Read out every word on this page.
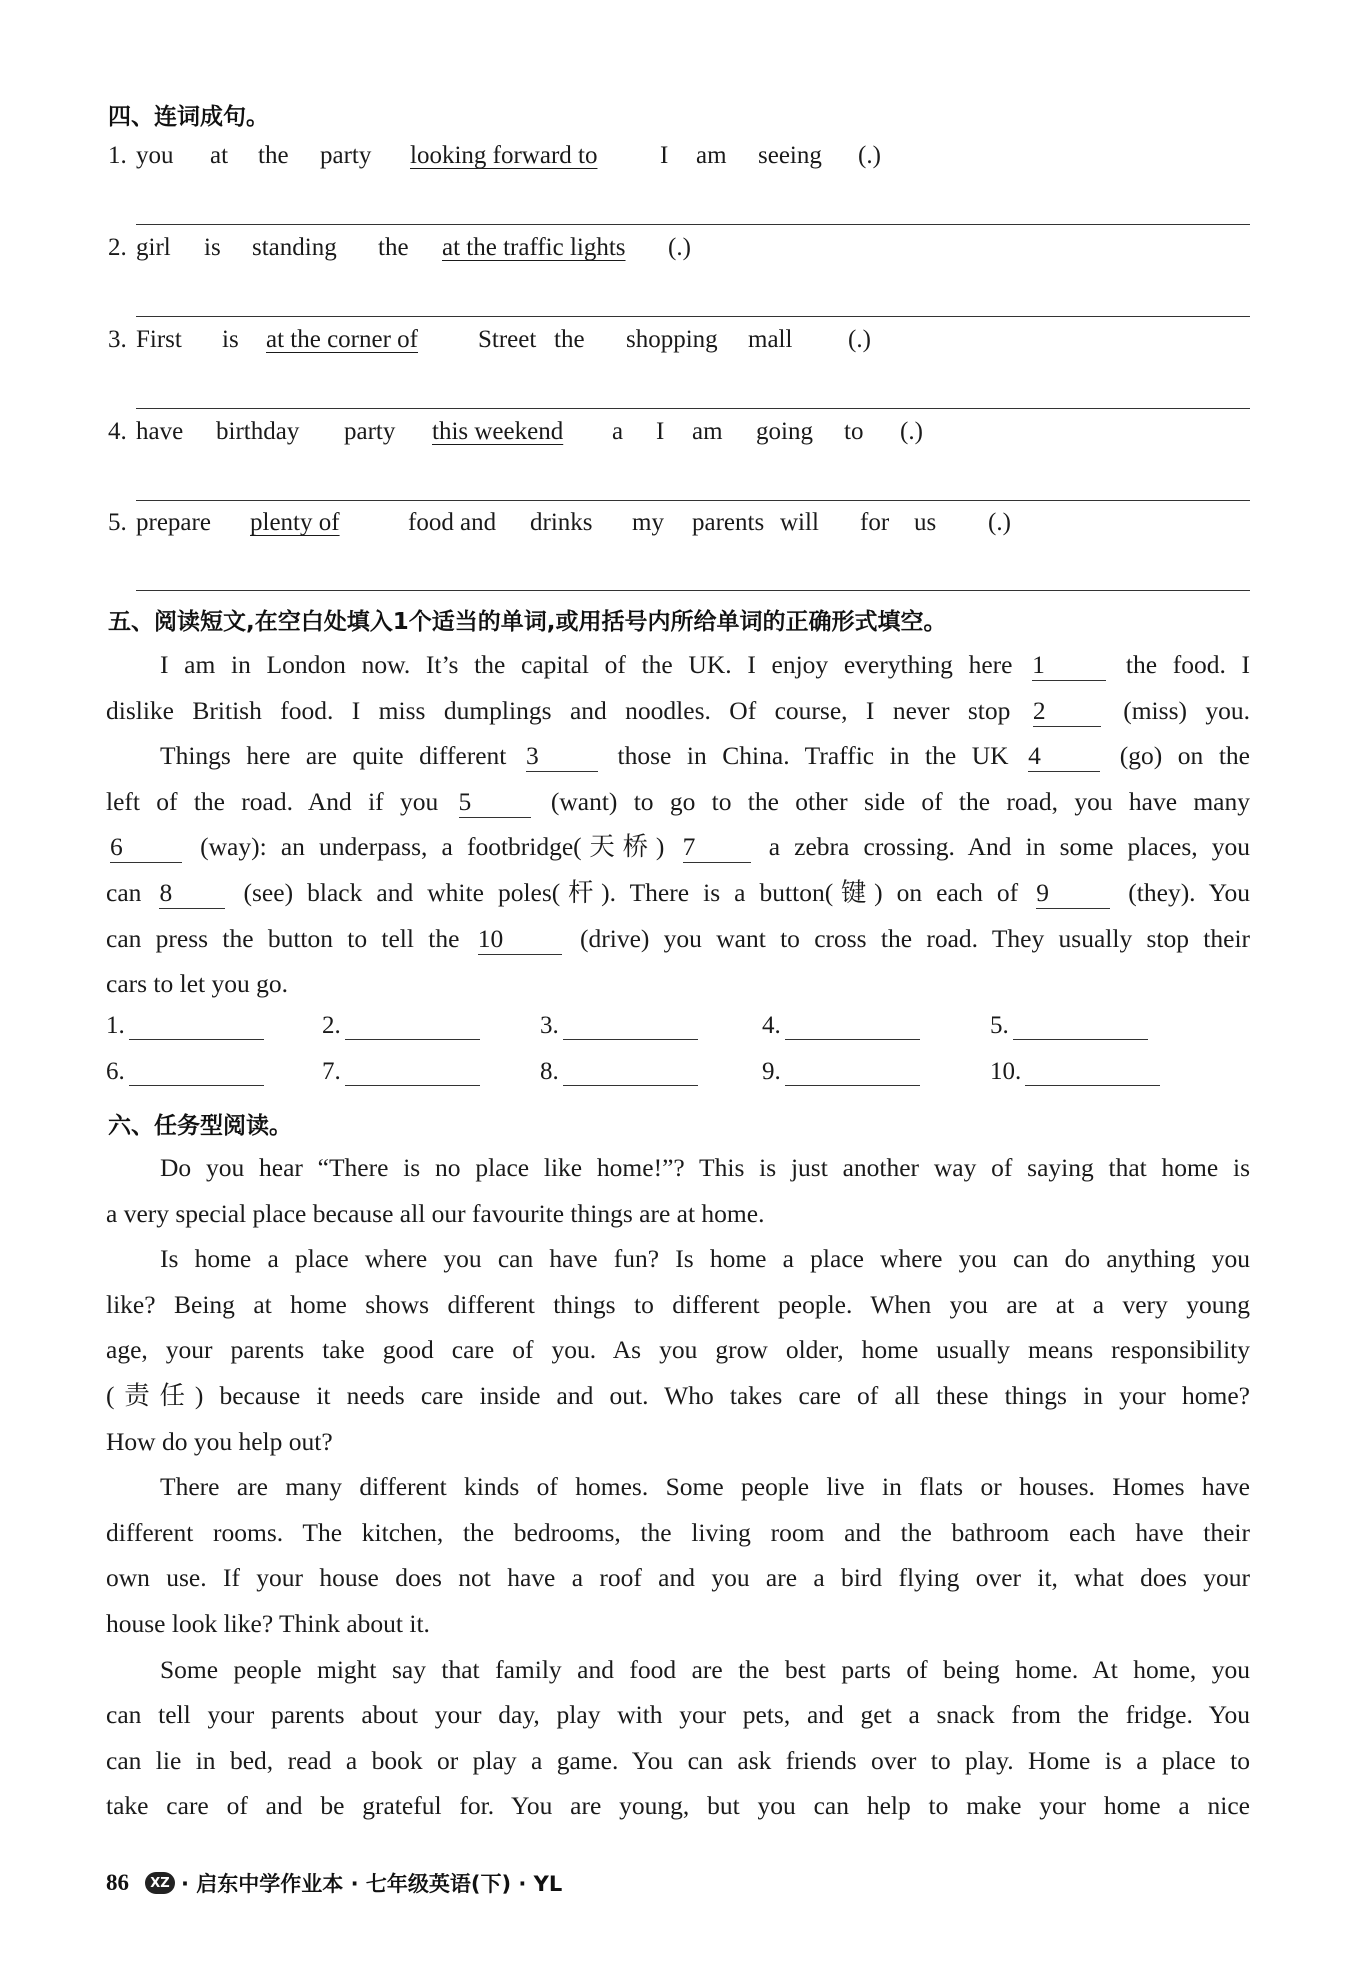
四、连词成句。
1. you at the party looking forward to	I am seeing (.)
2. girl is standing the at the traffic lights (.)
3. First is at the corner of Street the shopping mall (.)
4. have birthday party this weekend a I am going to (.)
5. prepare plenty of	food and drinks my parents will for us (.)
五、阅读短文,在空白处填入1个适当的单词,或用括号内所给单词的正确形式填空。
I am in London now. It’s the capital of the UK. I enjoy everything here 1	the food. I
dislike British food. I miss dumplings and noodles. Of course, I never stop 2	(miss) you.
Things here are quite different 3	those in China. Traffic in the UK 4	(go) on the
left of the road. And if you 5	(want) to go to the other side of the road, you have many
6	(way): an underpass, a footbridge(天桥) 7	a zebra crossing. And in some places, you
can 8	(see) black and white poles(杆). There is a button(键) on each of 9	(they). You
can press the button to tell the 10	(drive) you want to cross the road. They usually stop their
cars to let you go.
1.	2.	3.	4.	5.
6.	7.	8.	9.	10.
六、任务型阅读。
Do you hear “There is no place like home!”? This is just another way of saying that home is
a very special place because all our favourite things are at home.
Is home a place where you can have fun? Is home a place where you can do anything you
like? Being at home shows different things to different people. When you are at a very young
age, your parents take good care of you. As you grow older, home usually means responsibility
(责任) because it needs care inside and out. Who takes care of all these things in your home?
How do you help out?
There are many different kinds of homes. Some people live in flats or houses. Homes have
different rooms. The kitchen, the bedrooms, the living room and the bathroom each have their
own use. If your house does not have a roof and you are a bird flying over it, what does your
house look like? Think about it.
Some people might say that family and food are the best parts of being home. At home, you
can tell your parents about your day, play with your pets, and get a snack from the fridge. You
can lie in bed, read a book or play a game. You can ask friends over to play. Home is a place to
take care of and be grateful for. You are young, but you can help to make your home a nice
86	XZ · 启东中学作业本 · 七年级英语(下) · YL
